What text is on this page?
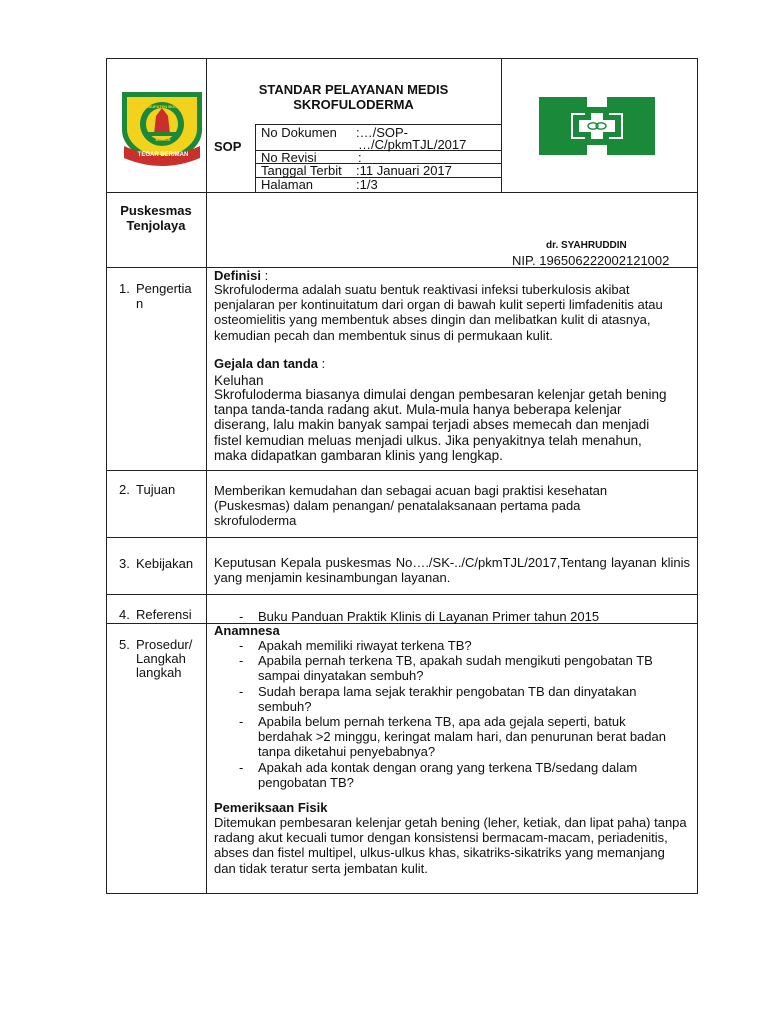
TEGAR BERIMAN
KABUPATEN BOGOR
BOGOR
STANDAR PELAYANAN MEDIS
SKROFULODERMA
SOP
No Dokumen :…/SOP-
…/C/pkmTJL/2017
No Revisi	:
Tanggal Terbit :11 Januari 2017
Halaman	:1/3
Puskesmas
Tenjolaya
dr. SYAHRUDDIN
NIP. 196506222002121002
1. Pengertia
n
Definisi :
Skrofuloderma adalah suatu bentuk reaktivasi infeksi tuberkulosis akibat penjalaran per kontinuitatum dari organ di bawah kulit seperti limfadenitis atau osteomielitis yang membentuk abses dingin dan melibatkan kulit di atasnya, kemudian pecah dan membentuk sinus di permukaan kulit.
Gejala dan tanda :
Keluhan
Skrofuloderma biasanya dimulai dengan pembesaran kelenjar getah bening tanpa tanda-tanda radang akut. Mula-mula hanya beberapa kelenjar diserang, lalu makin banyak sampai terjadi abses memecah dan menjadi fistel kemudian meluas menjadi ulkus. Jika penyakitnya telah menahun, maka didapatkan gambaran klinis yang lengkap.
2. Tujuan	Memberikan kemudahan dan sebagai acuan bagi praktisi kesehatan (Puskesmas) dalam penangan/ penatalaksanaan pertama pada skrofuloderma
3. Kebijakan Keputusan Kepala puskesmas No…./SK-../C/pkmTJL/2017,Tentang layanan klinis yang menjamin kesinambungan layanan.
4. Referensi
-	Buku Panduan Praktik Klinis di Layanan Primer tahun 2015
5. Prosedur/
Langkah
langkah
Anamnesa
- Apakah memiliki riwayat terkena TB?
- Apabila pernah terkena TB, apakah sudah mengikuti pengobatan TB sampai dinyatakan sembuh?
- Sudah berapa lama sejak terakhir pengobatan TB dan dinyatakan sembuh?
- Apabila belum pernah terkena TB, apa ada gejala seperti, batuk berdahak >2 minggu, keringat malam hari, dan penurunan berat badan tanpa diketahui penyebabnya?
- Apakah ada kontak dengan orang yang terkena TB/sedang dalam pengobatan TB?
Pemeriksaan Fisik
Ditemukan pembesaran kelenjar getah bening (leher, ketiak, dan lipat paha) tanpa radang akut kecuali tumor dengan konsistensi bermacam-macam, periadenitis, abses dan fistel multipel, ulkus-ulkus khas, sikatriks-sikatriks yang memanjang dan tidak teratur serta jembatan kulit.
